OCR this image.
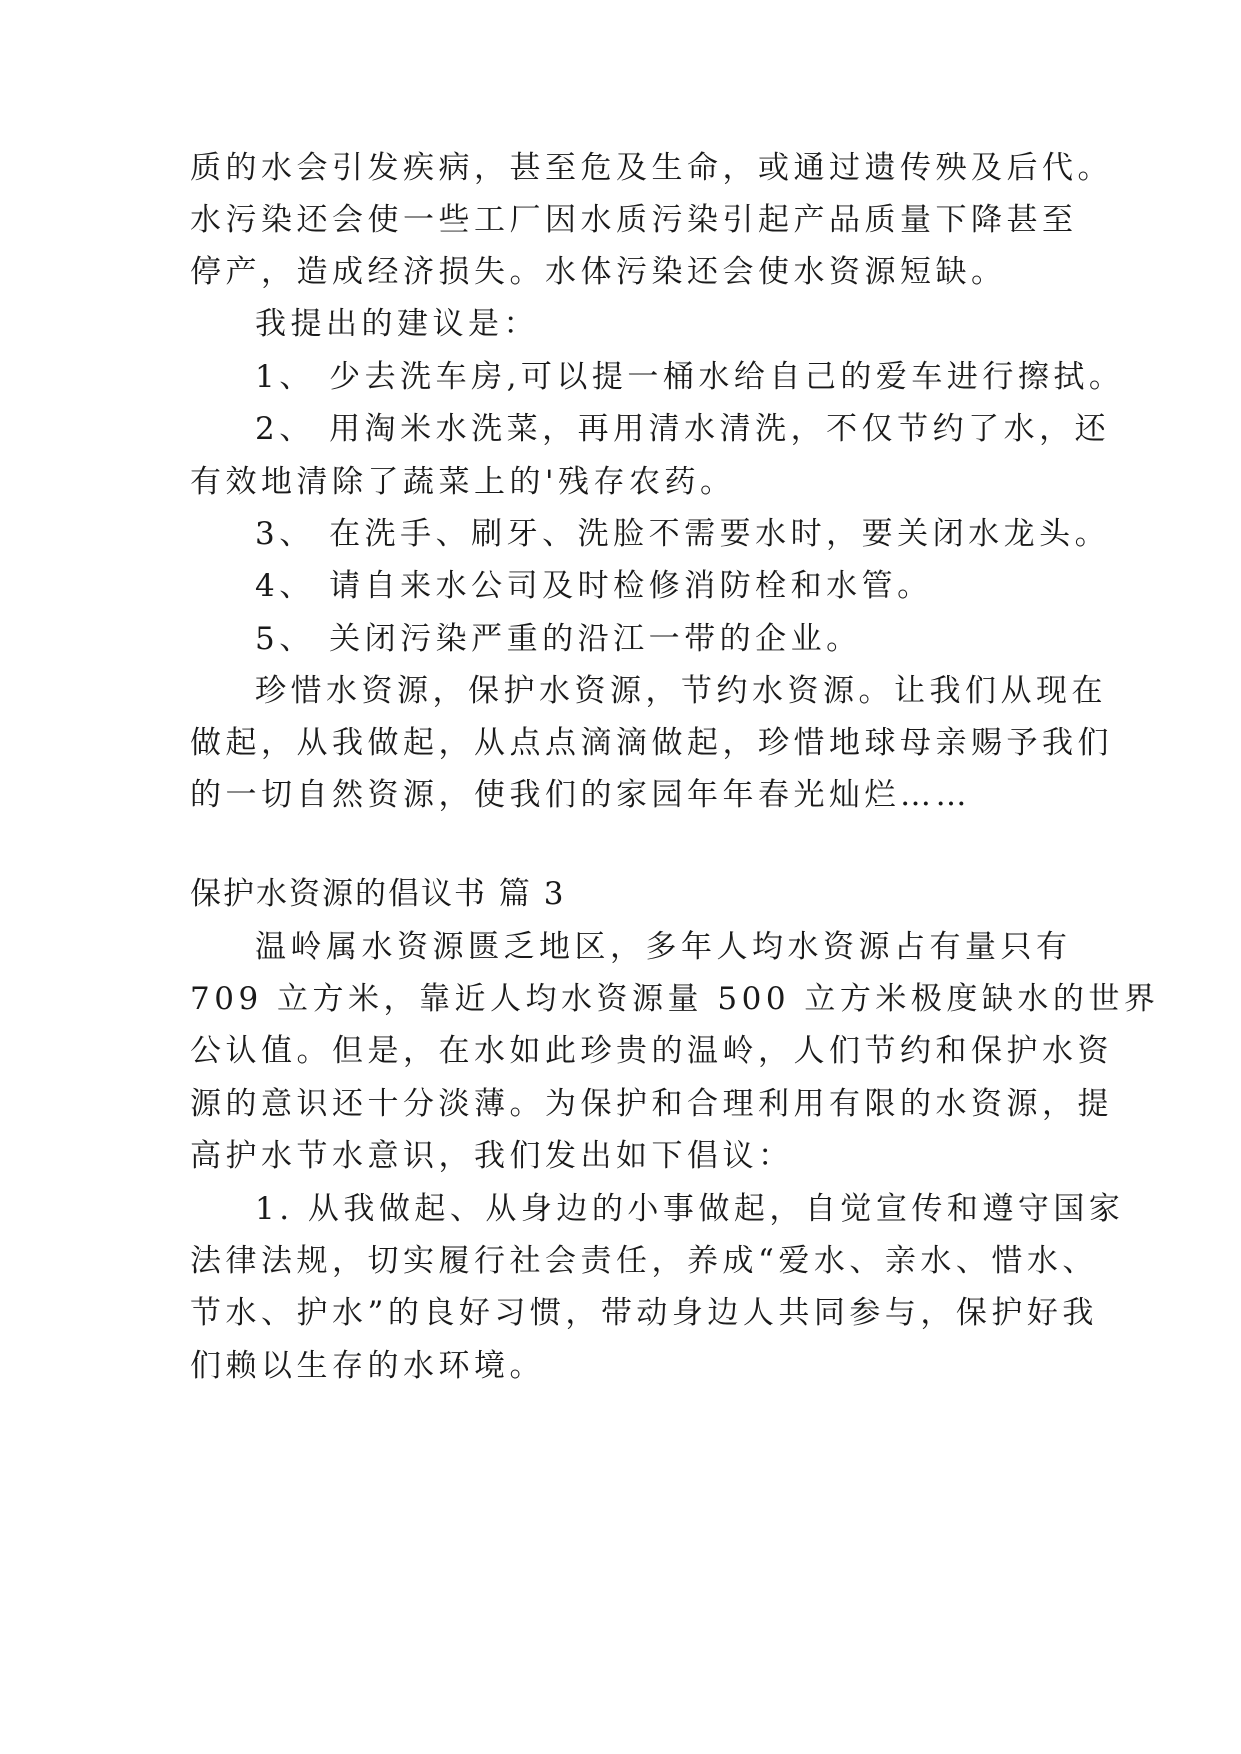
质的水会引发疾病，甚至危及生命，或通过遗传殃及后代。
水污染还会使一些工厂因水质污染引起产品质量下降甚至
停产，造成经济损失。水体污染还会使水资源短缺。
我提出的建议是：
1、 少去洗车房,可以提一桶水给自己的爱车进行擦拭。
2、 用淘米水洗菜，再用清水清洗，不仅节约了水，还
有效地清除了蔬菜上的'残存农药。
3、 在洗手、刷牙、洗脸不需要水时，要关闭水龙头。
4、 请自来水公司及时检修消防栓和水管。
5、 关闭污染严重的沿江一带的企业。
珍惜水资源，保护水资源，节约水资源。让我们从现在
做起，从我做起，从点点滴滴做起，珍惜地球母亲赐予我们
的一切自然资源，使我们的家园年年春光灿烂……
保护水资源的倡议书 篇 3
温岭属水资源匮乏地区，多年人均水资源占有量只有
709 立方米，靠近人均水资源量 500 立方米极度缺水的世界
公认值。但是，在水如此珍贵的温岭，人们节约和保护水资
源的意识还十分淡薄。为保护和合理利用有限的水资源，提
高护水节水意识，我们发出如下倡议：
1. 从我做起、从身边的小事做起，自觉宣传和遵守国家
法律法规，切实履行社会责任，养成“爱水、亲水、惜水、
节水、护水”的良好习惯，带动身边人共同参与，保护好我
们赖以生存的水环境。
